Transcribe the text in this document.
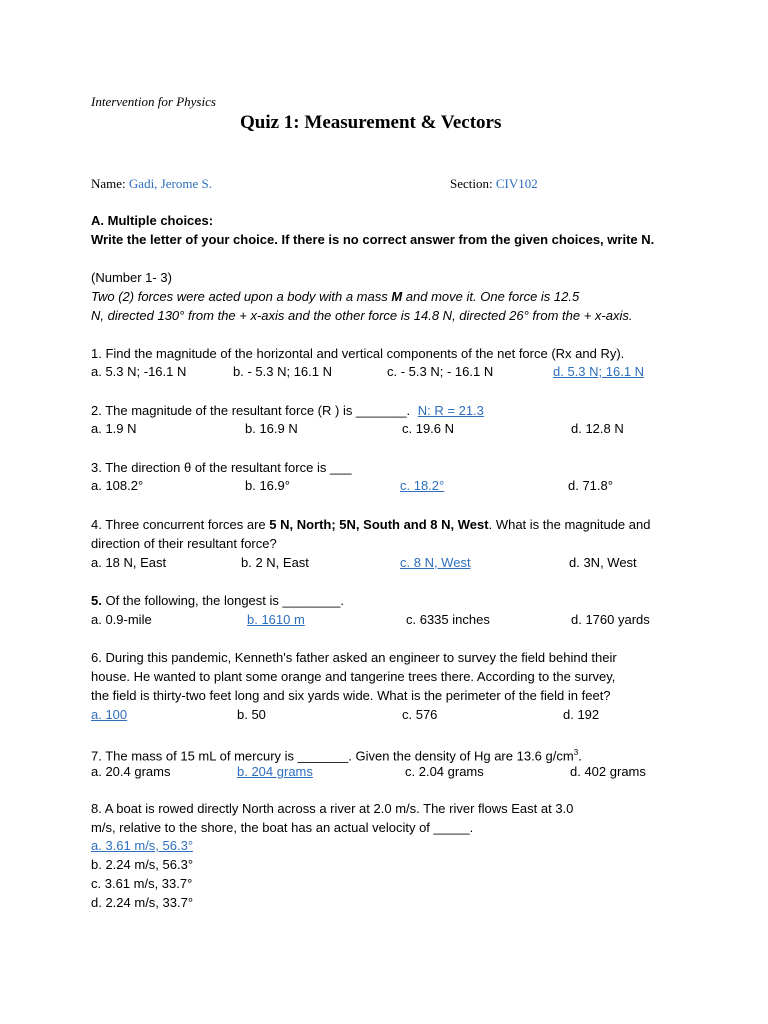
Intervention for Physics
Quiz 1: Measurement & Vectors
Name: Gadi, Jerome S.	Section: CIV102
A. Multiple choices:
Write the letter of your choice. If there is no correct answer from the given choices, write N.
(Number 1- 3)
Two (2) forces were acted upon a body with a mass M and move it. One force is 12.5
N, directed 130° from the + x-axis and the other force is 14.8 N, directed 26° from the + x-axis.
1. Find the magnitude of the horizontal and vertical components of the net force (Rx and Ry).
a. 5.3 N; -16.1 N	b. - 5.3 N; 16.1 N	c. - 5.3 N; - 16.1 N	d. 5.3 N; 16.1 N
2. The magnitude of the resultant force (R ) is _______. N: R = 21.3
a. 1.9 N	b. 16.9 N	c. 19.6 N	d. 12.8 N
3. The direction θ of the resultant force is ___
a. 108.2°	b. 16.9°	c. 18.2°	d. 71.8°
4. Three concurrent forces are 5 N, North; 5N, South and 8 N, West. What is the magnitude and
direction of their resultant force?
a. 18 N, East	b. 2 N, East	c. 8 N, West	d. 3N, West
5. Of the following, the longest is ________.
a. 0.9-mile	b. 1610 m	c. 6335 inches	d. 1760 yards
6. During this pandemic, Kenneth's father asked an engineer to survey the field behind their
house. He wanted to plant some orange and tangerine trees there. According to the survey,
the field is thirty-two feet long and six yards wide. What is the perimeter of the field in feet?
a. 100	b. 50	c. 576	d. 192
7. The mass of 15 mL of mercury is _______. Given the density of Hg are 13.6 $g/cm^3$.
a. 20.4 grams	b. 204 grams	c. 2.04 grams	d. 402 grams
8. A boat is rowed directly North across a river at 2.0 m/s. The river flows East at 3.0
m/s, relative to the shore, the boat has an actual velocity of _____.
a. 3.61 m/s, 56.3°
b. 2.24 m/s, 56.3°
c. 3.61 m/s, 33.7°
d. 2.24 m/s, 33.7°
